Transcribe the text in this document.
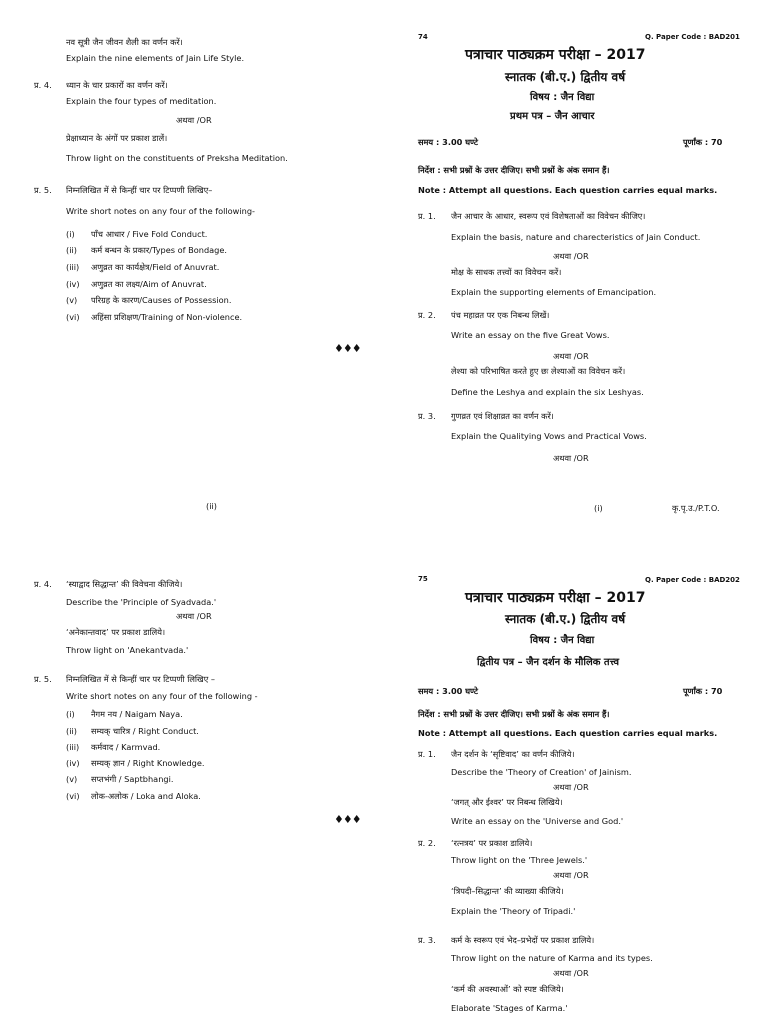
नव सूत्री जैन जीवन शैली का वर्णन करें।
Explain the nine elements of Jain Life Style.
प्र. 4. ध्यान के चार प्रकारों का वर्णन करें।
Explain the four types of meditation.
अथवा /OR
प्रेक्षाध्यान के अंगों पर प्रकाश डालें।
Throw light on the constituents of Preksha Meditation.
प्र. 5. निम्नलिखित में से किन्हीं चार पर टिप्पणी लिखिए–
Write short notes on any four of the following-
(i) पाँच आधार / Five Fold Conduct.
(ii) कर्म बन्धन के प्रकार/Types of Bondage.
(iii) अणुव्रत का कार्यक्षेत्र/Field of Anuvrat.
(iv) अणुव्रत का लक्ष्य/Aim of Anuvrat.
(v) परिग्रह के कारण/Causes of Possession.
(vi) अहिंसा प्रशिक्षण/Training of Non-violence.
♦♦♦
(ii)
74	Q. Paper Code : BAD201
पत्राचार पाठ्यक्रम परीक्षा – 2017
स्नातक (बी.ए.) द्वितीय वर्ष
विषय : जैन विद्या
प्रथम पत्र – जैन आचार
समय : 3.00 घण्टे	पूर्णांक : 70
निर्देश : सभी प्रश्नों के उत्तर दीजिए। सभी प्रश्नों के अंक समान हैं।
Note : Attempt all questions. Each question carries equal marks.
प्र. 1. जैन आचार के आधार, स्वरूप एवं विशेषताओं का विवेचन कीजिए।
Explain the basis, nature and charecteristics of Jain Conduct.
अथवा /OR
मोक्ष के साधक तत्त्वों का विवेचन करें।
Explain the supporting elements of Emancipation.
प्र. 2. पंच महाव्रत पर एक निबन्ध लिखें।
Write an essay on the five Great Vows.
अथवा /OR
लेश्या को परिभाषित करते हुए छः लेश्याओं का विवेचन करें।
Define the Leshya and explain the six Leshyas.
प्र. 3. गुणव्रत एवं शिक्षाव्रत का वर्णन करें।
Explain the Qualitying Vows and Practical Vows.
अथवा /OR
(i)	कृ.पृ.उ./P.T.O.
प्र. 4. ‘स्याद्वाद सिद्धान्त’ की विवेचना कीजिये।
Describe the 'Principle of Syadvada.'
अथवा /OR
‘अनेकान्तवाद’ पर प्रकाश डालिये।
Throw light on 'Anekantvada.'
प्र. 5. निम्नलिखित में से किन्हीं चार पर टिप्पणी लिखिए –
Write short notes on any four of the following -
(i) नैगम नय / Naigam Naya.
(ii) सम्यक् चारित्र / Right Conduct.
(iii) कर्मवाद / Karmvad.
(iv) सम्यक् ज्ञान / Right Knowledge.
(v) सप्तभंगी / Saptbhangi.
(vi) लोक-अलोक / Loka and Aloka.
♦♦♦
75	Q. Paper Code : BAD202
पत्राचार पाठ्यक्रम परीक्षा – 2017
स्नातक (बी.ए.) द्वितीय वर्ष
विषय : जैन विद्या
द्वितीय पत्र – जैन दर्शन के मौलिक तत्त्व
समय : 3.00 घण्टे	पूर्णांक : 70
निर्देश : सभी प्रश्नों के उत्तर दीजिए। सभी प्रश्नों के अंक समान हैं।
Note : Attempt all questions. Each question carries equal marks.
प्र. 1. जैन दर्शन के ‘सृष्टिवाद’ का वर्णन कीजिये।
Describe the 'Theory of Creation' of Jainism.
अथवा /OR
‘जगत् और ईश्वर’ पर निबन्ध लिखिये।
Write an essay on the 'Universe and God.'
प्र. 2. ‘रत्नत्रय’ पर प्रकाश डालिये।
Throw light on the 'Three Jewels.'
अथवा /OR
‘त्रिपदी–सिद्धान्त’ की व्याख्या कीजिये।
Explain the 'Theory of Tripadi.'
प्र. 3. कर्म के स्वरूप एवं भेद–प्रभेदों पर प्रकाश डालिये।
Throw light on the nature of Karma and its types.
अथवा /OR
‘कर्म की अवस्थाओं’ को स्पष्ट कीजिये।
Elaborate 'Stages of Karma.'
